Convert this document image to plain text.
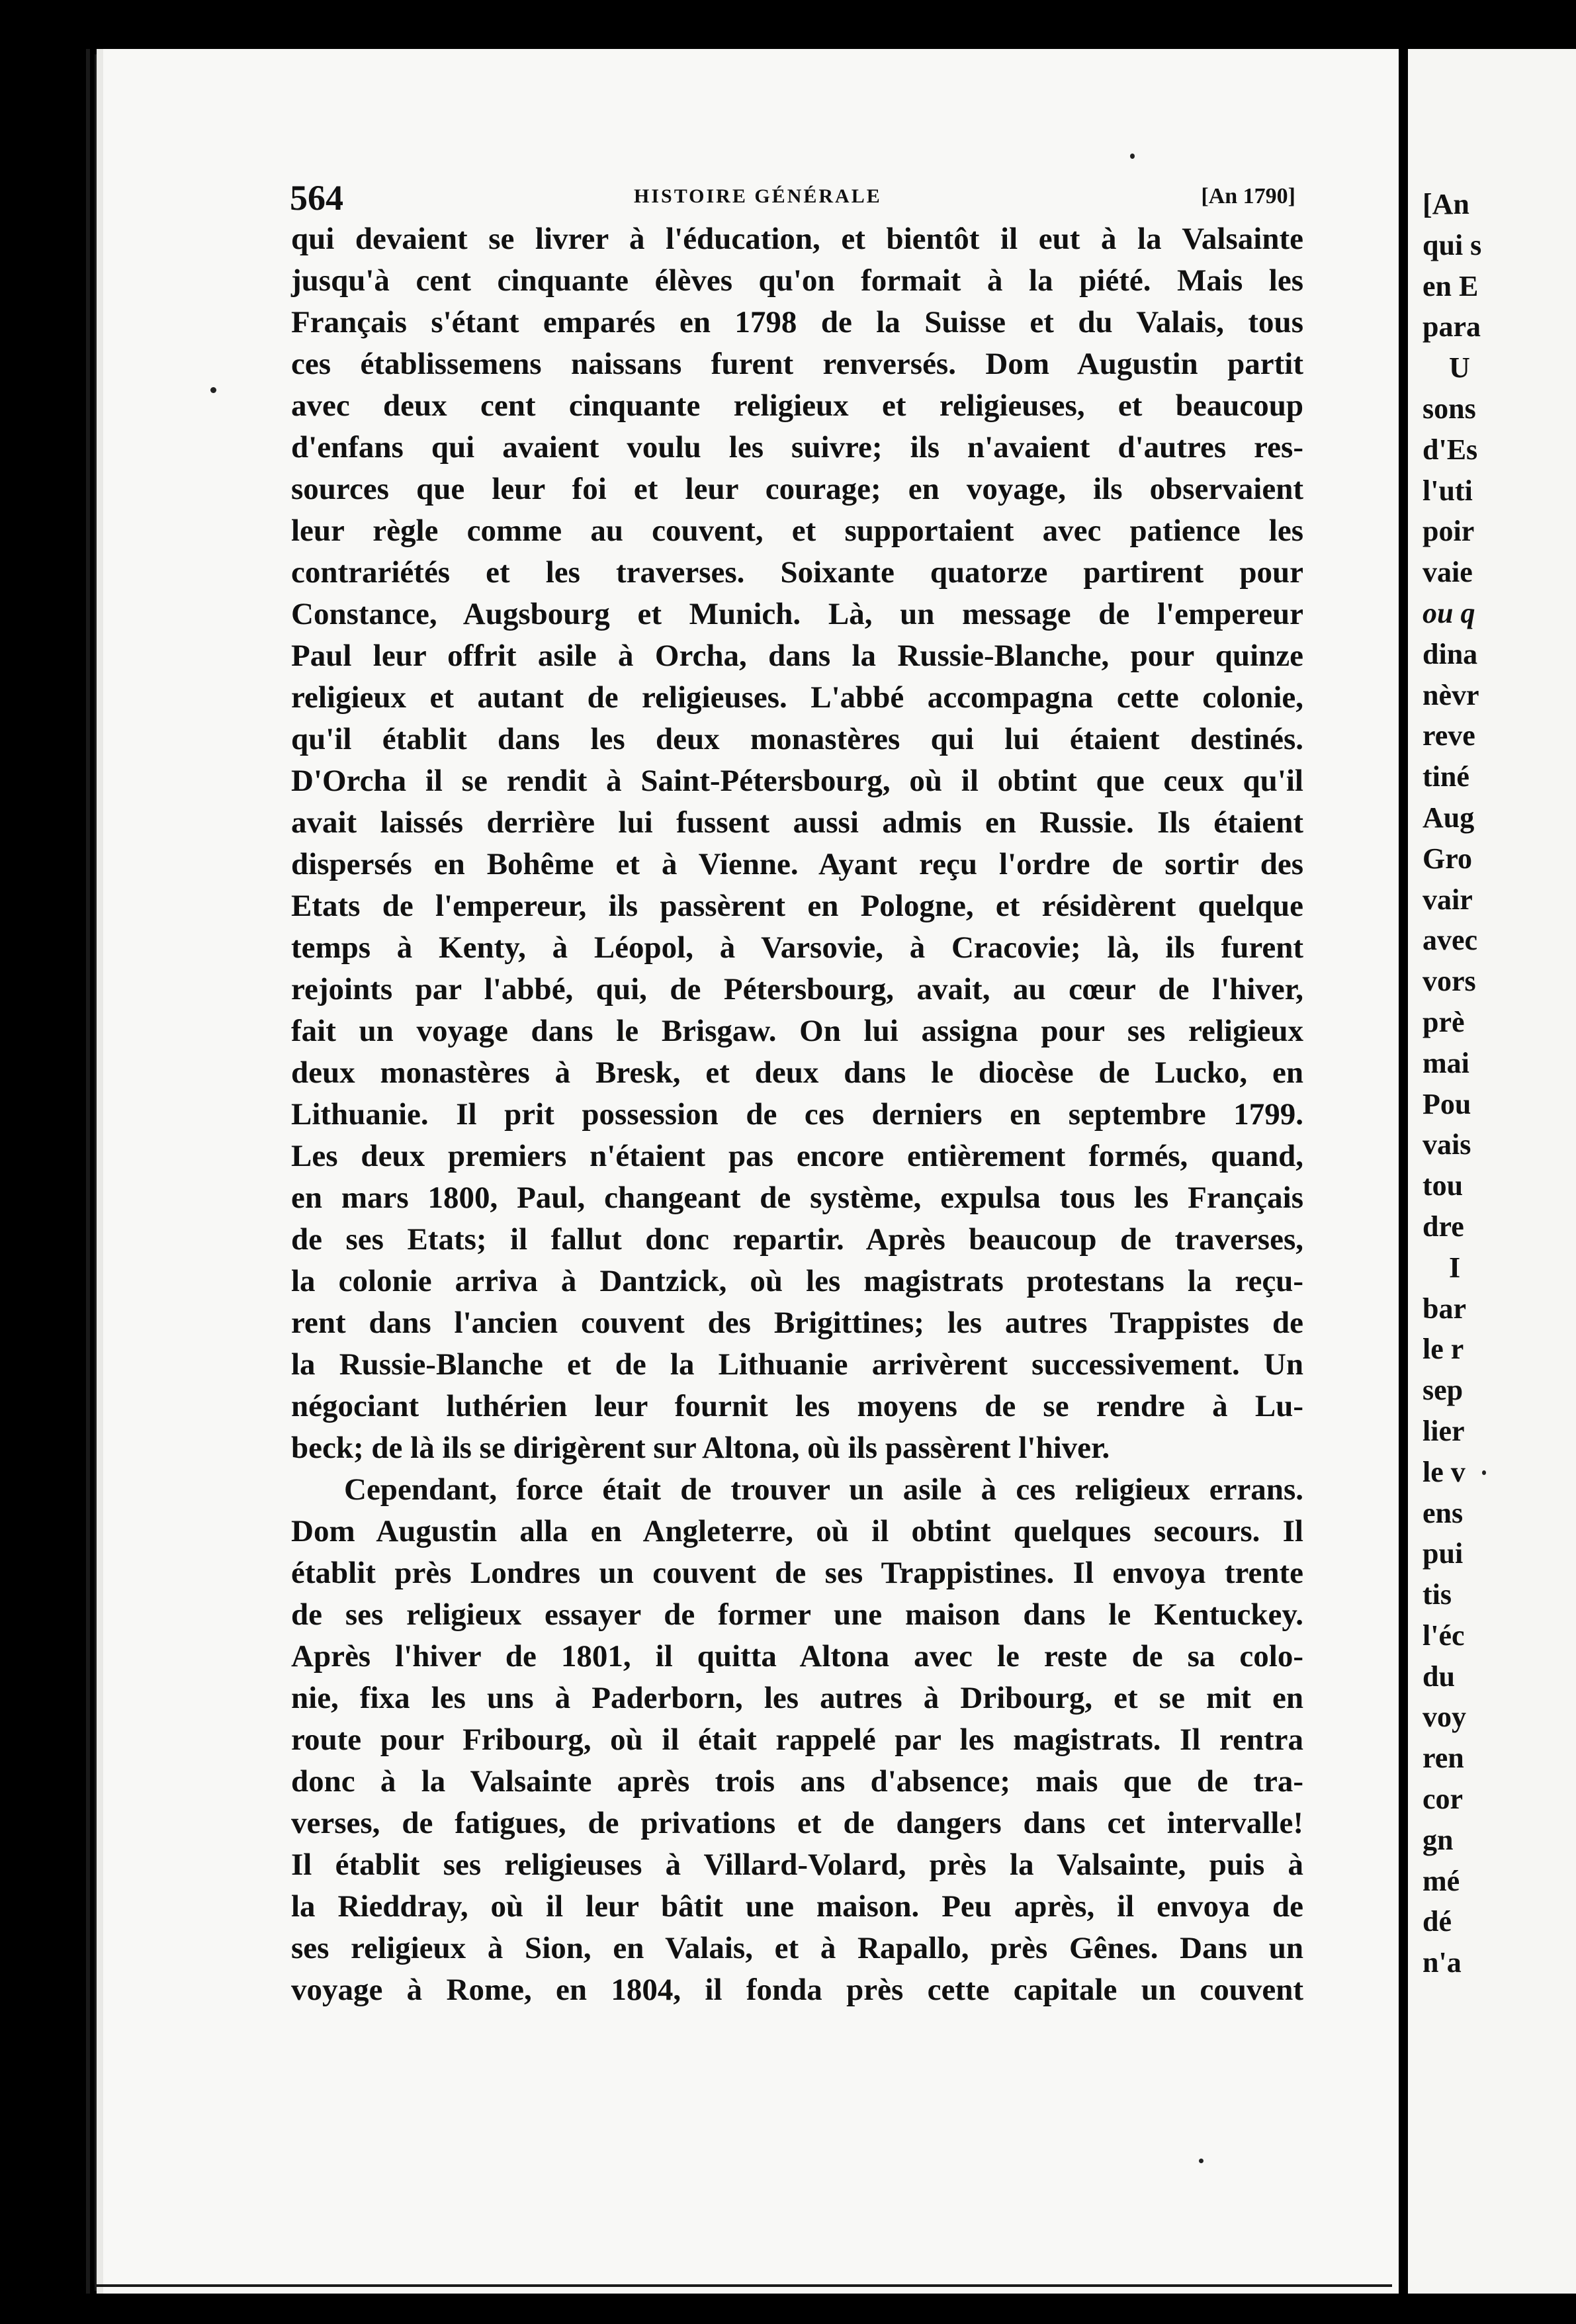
564	HISTOIRE GÉNÉRALE	[An 1790]
qui devaient se livrer à l'éducation, et bientôt il eut à la Valsainte
jusqu'à cent cinquante élèves qu'on formait à la piété. Mais les
Français s'étant emparés en 1798 de la Suisse et du Valais, tous
ces établissemens naissans furent renversés. Dom Augustin partit
avec deux cent cinquante religieux et religieuses, et beaucoup
d'enfans qui avaient voulu les suivre; ils n'avaient d'autres res-
sources que leur foi et leur courage; en voyage, ils observaient
leur règle comme au couvent, et supportaient avec patience les
contrariétés et les traverses. Soixante quatorze partirent pour
Constance, Augsbourg et Munich. Là, un message de l'empereur
Paul leur offrit asile à Orcha, dans la Russie-Blanche, pour quinze
religieux et autant de religieuses. L'abbé accompagna cette colonie,
qu'il établit dans les deux monastères qui lui étaient destinés.
D'Orcha il se rendit à Saint-Pétersbourg, où il obtint que ceux qu'il
avait laissés derrière lui fussent aussi admis en Russie. Ils étaient
dispersés en Bohême et à Vienne. Ayant reçu l'ordre de sortir des
Etats de l'empereur, ils passèrent en Pologne, et résidèrent quelque
temps à Kenty, à Léopol, à Varsovie, à Cracovie; là, ils furent
rejoints par l'abbé, qui, de Pétersbourg, avait, au cœur de l'hiver,
fait un voyage dans le Brisgaw. On lui assigna pour ses religieux
deux monastères à Bresk, et deux dans le diocèse de Lucko, en
Lithuanie. Il prit possession de ces derniers en septembre 1799.
Les deux premiers n'étaient pas encore entièrement formés, quand,
en mars 1800, Paul, changeant de système, expulsa tous les Français
de ses Etats; il fallut donc repartir. Après beaucoup de traverses,
la colonie arriva à Dantzick, où les magistrats protestans la reçu-
rent dans l'ancien couvent des Brigittines; les autres Trappistes de
la Russie-Blanche et de la Lithuanie arrivèrent successivement. Un
négociant luthérien leur fournit les moyens de se rendre à Lu-
beck; de là ils se dirigèrent sur Altona, où ils passèrent l'hiver.
Cependant, force était de trouver un asile à ces religieux errans.
Dom Augustin alla en Angleterre, où il obtint quelques secours. Il
établit près Londres un couvent de ses Trappistines. Il envoya trente
de ses religieux essayer de former une maison dans le Kentuckey.
Après l'hiver de 1801, il quitta Altona avec le reste de sa colo-
nie, fixa les uns à Paderborn, les autres à Dribourg, et se mit en
route pour Fribourg, où il était rappelé par les magistrats. Il rentra
donc à la Valsainte après trois ans d'absence; mais que de tra-
verses, de fatigues, de privations et de dangers dans cet intervalle!
Il établit ses religieuses à Villard-Volard, près la Valsainte, puis à
la Rieddray, où il leur bâtit une maison. Peu après, il envoya de
ses religieux à Sion, en Valais, et à Rapallo, près Gênes. Dans un
voyage à Rome, en 1804, il fonda près cette capitale un couvent
[An
qui s
en E
para
U
sons
d'Es
l'uti
poir
vaie
ou q
dina
nèvr
reve
tiné
Aug
Gro
vair
avec
vors
prè
mai
Pou
vais
tou
dre
I
bar
le r
sep
lier
le v
ens
pui
tis
l'éc
du
voy
ren
cor
gn
mé
dé
n'a
